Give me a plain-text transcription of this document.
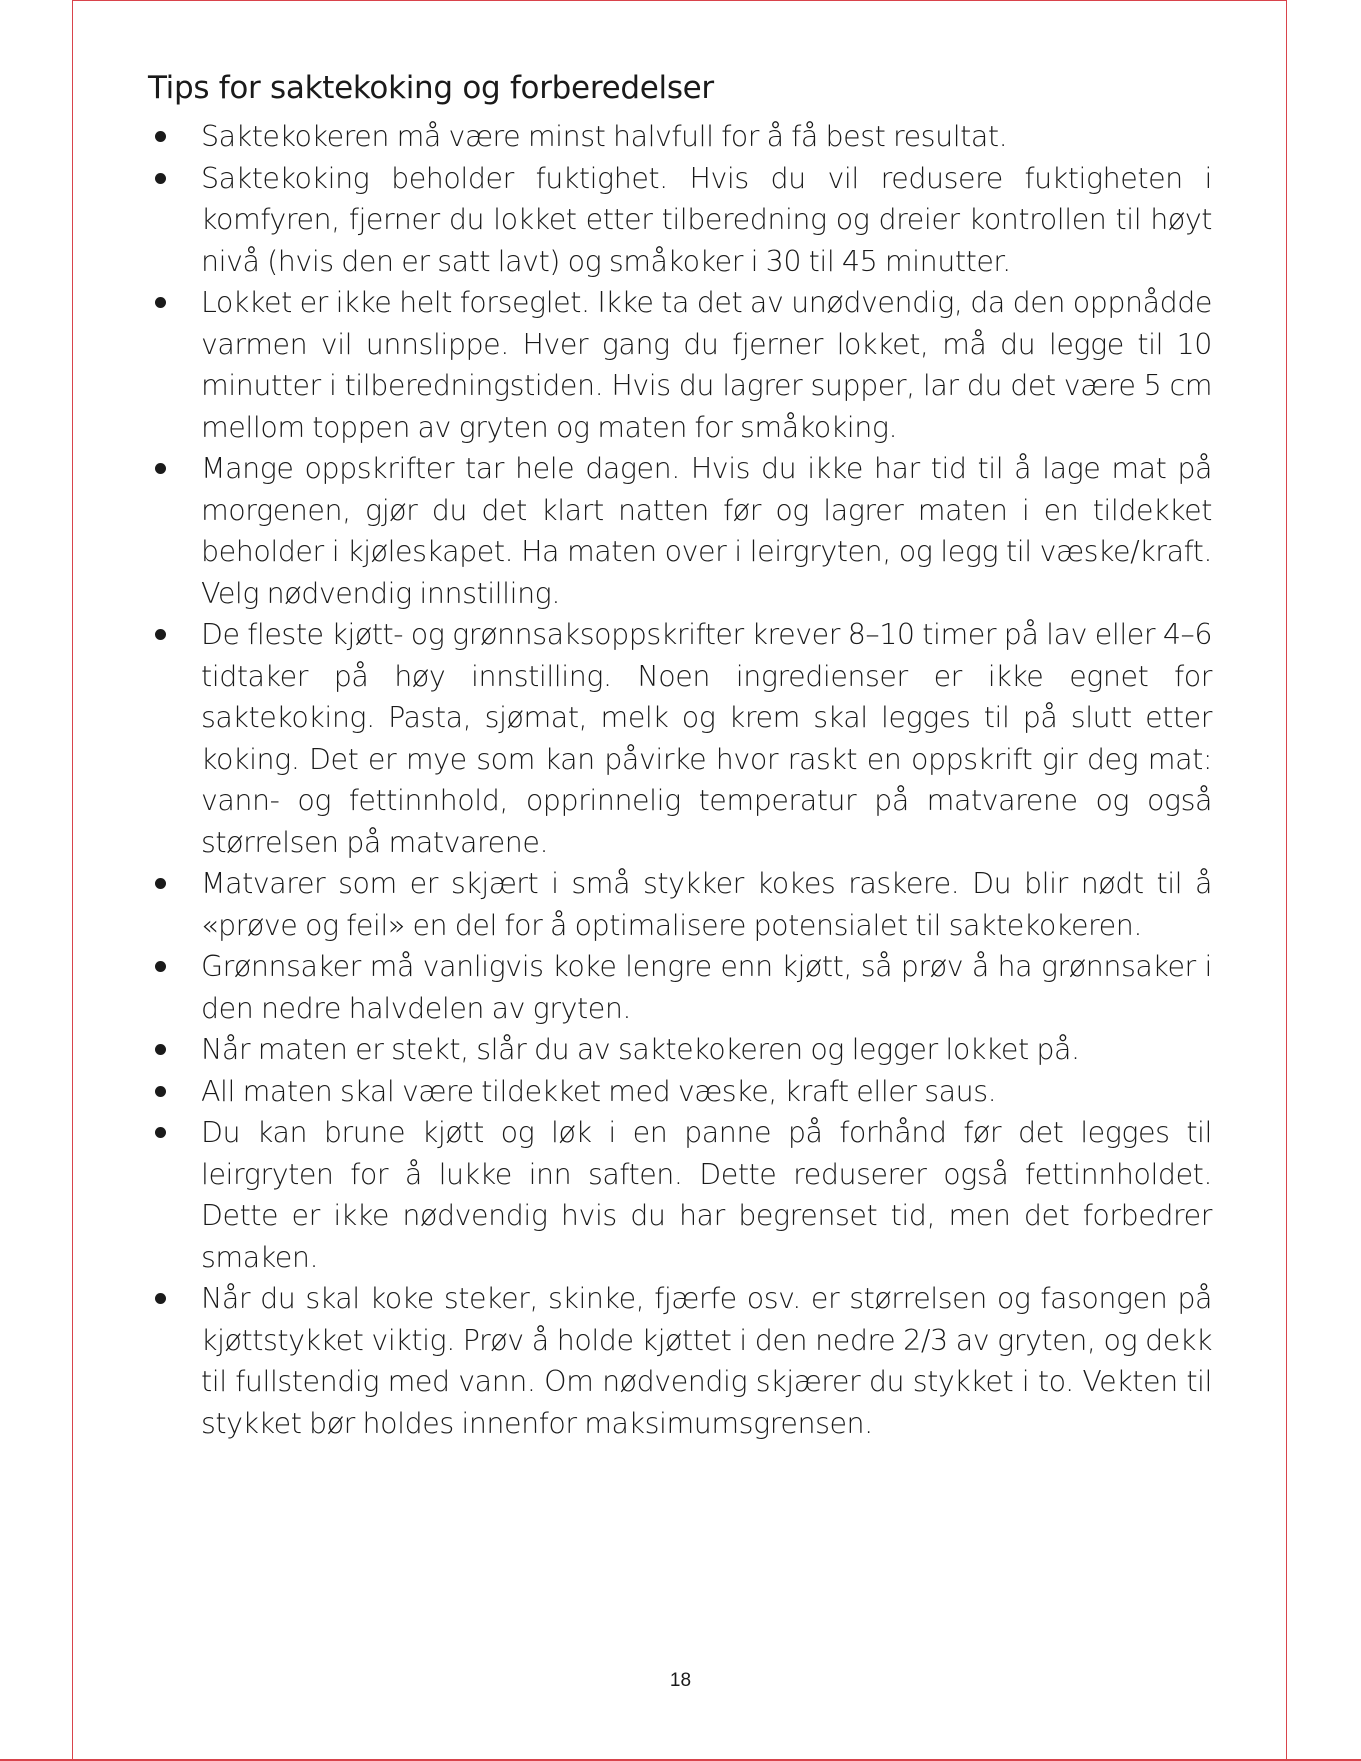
Tips for saktekoking og forberedelser
Saktekokeren må være minst halvfull for å få best resultat.
Saktekoking beholder fuktighet. Hvis du vil redusere fuktigheten i komfyren, fjerner du lokket etter tilberedning og dreier kontrollen til høyt nivå (hvis den er satt lavt) og småkoker i 30 til 45 minutter.
Lokket er ikke helt forseglet. Ikke ta det av unødvendig, da den oppnådde varmen vil unnslippe. Hver gang du fjerner lokket, må du legge til 10 minutter i tilberedningstiden. Hvis du lagrer supper, lar du det være 5 cm mellom toppen av gryten og maten for småkoking.
Mange oppskrifter tar hele dagen. Hvis du ikke har tid til å lage mat på morgenen, gjør du det klart natten før og lagrer maten i en tildekket beholder i kjøleskapet. Ha maten over i leirgryten, og legg til væske/kraft. Velg nødvendig innstilling.
De fleste kjøtt- og grønnsaksoppskrifter krever 8–10 timer på lav eller 4–6 tidtaker på høy innstilling. Noen ingredienser er ikke egnet for saktekoking. Pasta, sjømat, melk og krem skal legges til på slutt etter koking. Det er mye som kan påvirke hvor raskt en oppskrift gir deg mat: vann- og fettinnhold, opprinnelig temperatur på matvarene og også størrelsen på matvarene.
Matvarer som er skjært i små stykker kokes raskere. Du blir nødt til å «prøve og feil» en del for å optimalisere potensialet til saktekokeren.
Grønnsaker må vanligvis koke lengre enn kjøtt, så prøv å ha grønnsaker i den nedre halvdelen av gryten.
Når maten er stekt, slår du av saktekokeren og legger lokket på.
All maten skal være tildekket med væske, kraft eller saus.
Du kan brune kjøtt og løk i en panne på forhånd før det legges til leirgryten for å lukke inn saften. Dette reduserer også fettinnholdet. Dette er ikke nødvendig hvis du har begrenset tid, men det forbedrer smaken.
Når du skal koke steker, skinke, fjærfe osv. er størrelsen og fasongen på kjøttstykket viktig. Prøv å holde kjøttet i den nedre 2/3 av gryten, og dekk til fullstendig med vann. Om nødvendig skjærer du stykket i to. Vekten til stykket bør holdes innenfor maksimumsgrensen.
18
